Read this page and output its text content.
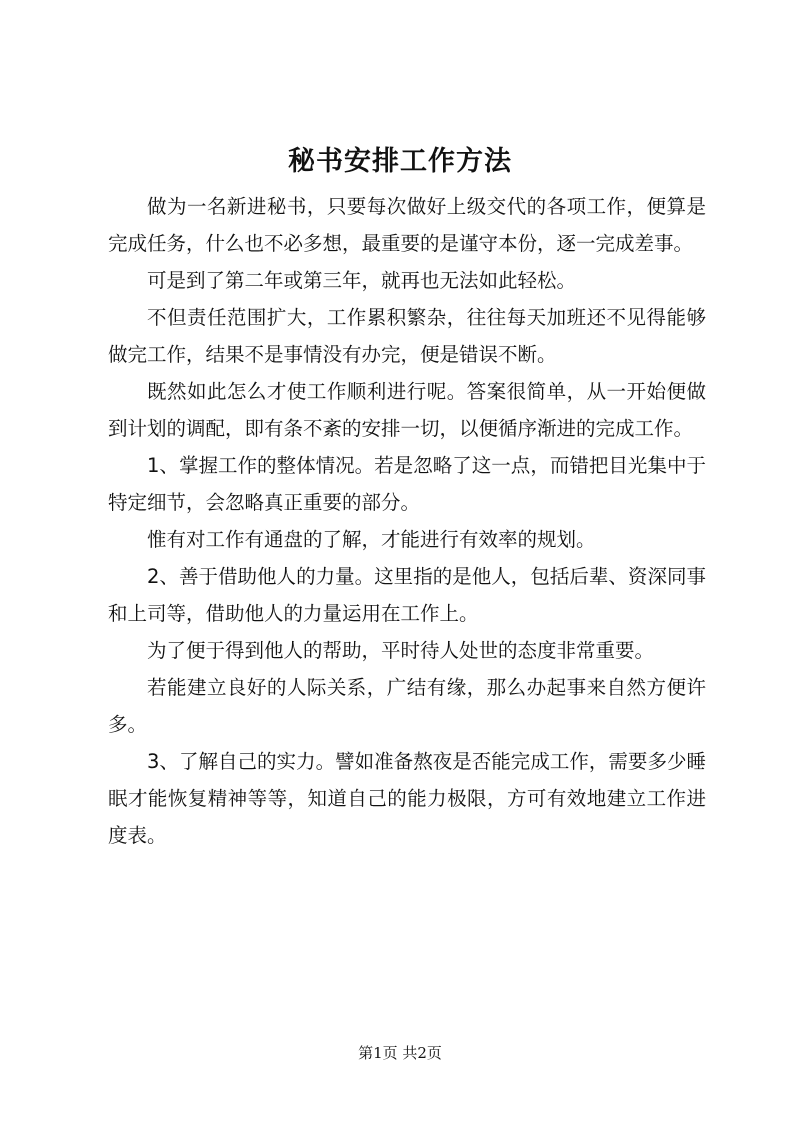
秘书安排工作方法

做为一名新进秘书，只要每次做好上级交代的各项工作，便算是完成任务，什么也不必多想，最重要的是谨守本份，逐一完成差事。

可是到了第二年或第三年，就再也无法如此轻松。

不但责任范围扩大，工作累积繁杂，往往每天加班还不见得能够做完工作，结果不是事情没有办完，便是错误不断。

既然如此怎么才使工作顺利进行呢。答案很简单，从一开始便做到计划的调配，即有条不紊的安排一切，以便循序渐进的完成工作。

1、掌握工作的整体情况。若是忽略了这一点，而错把目光集中于特定细节，会忽略真正重要的部分。

惟有对工作有通盘的了解，才能进行有效率的规划。

2、善于借助他人的力量。这里指的是他人，包括后辈、资深同事和上司等，借助他人的力量运用在工作上。

为了便于得到他人的帮助，平时待人处世的态度非常重要。

若能建立良好的人际关系，广结有缘，那么办起事来自然方便许多。

3、了解自己的实力。譬如准备熬夜是否能完成工作，需要多少睡眠才能恢复精神等等，知道自己的能力极限，方可有效地建立工作进度表。

第1页 共2页
